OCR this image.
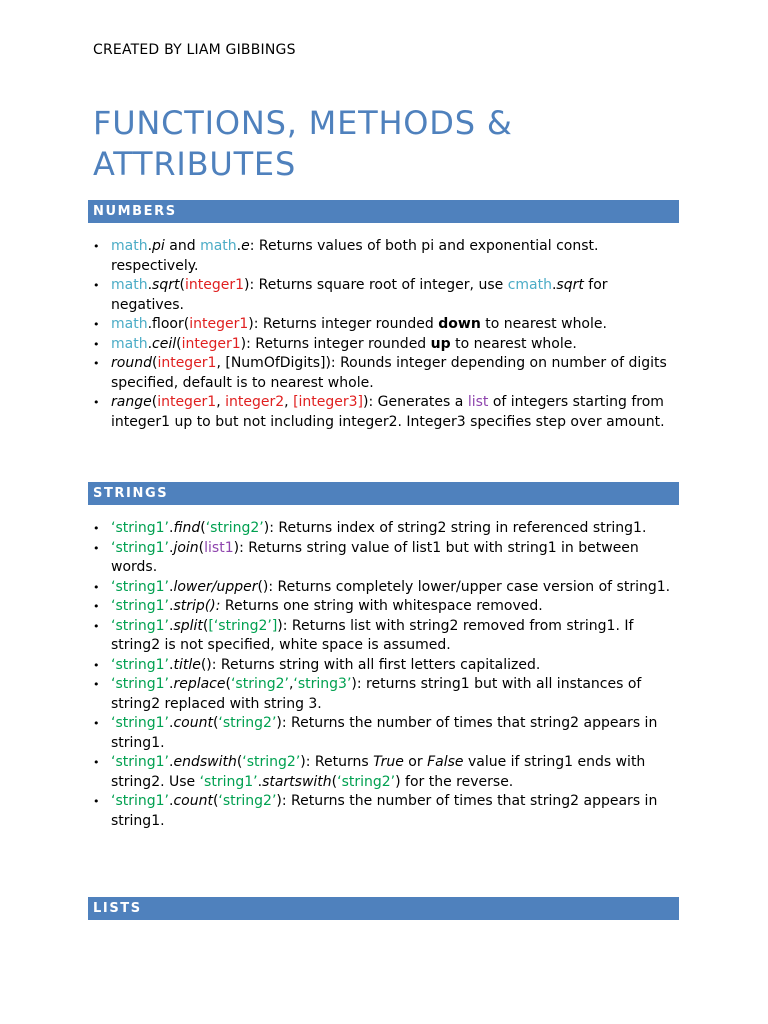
CREATED BY LIAM GIBBINGS
FUNCTIONS, METHODS &
ATTRIBUTES
NUMBERS
• math.pi and math.e: Returns values of both pi and exponential const. respectively.
• math.sqrt(integer1): Returns square root of integer, use cmath.sqrt for negatives.
• math.floor(integer1): Returns integer rounded down to nearest whole.
• math.ceil(integer1): Returns integer rounded up to nearest whole.
• round(integer1, [NumOfDigits]): Rounds integer depending on number of digits specified, default is to nearest whole.
• range(integer1, integer2, [integer3]): Generates a list of integers starting from integer1 up to but not including integer2. Integer3 specifies step over amount.
STRINGS
• ‘string1’.find(‘string2’): Returns index of string2 string in referenced string1.
• ‘string1’.join(list1): Returns string value of list1 but with string1 in between words.
• ‘string1’.lower/upper(): Returns completely lower/upper case version of string1.
• ‘string1’.strip(): Returns one string with whitespace removed.
• ‘string1’.split([‘string2’]): Returns list with string2 removed from string1. If string2 is not specified, white space is assumed.
• ‘string1’.title(): Returns string with all first letters capitalized.
• ‘string1’.replace(‘string2’,‘string3’): returns string1 but with all instances of string2 replaced with string 3.
• ‘string1’.count(‘string2’): Returns the number of times that string2 appears in string1.
• ‘string1’.endswith(‘string2’): Returns True or False value if string1 ends with string2. Use ‘string1’.startswith(‘string2’) for the reverse.
• ‘string1’.count(‘string2’): Returns the number of times that string2 appears in string1.
LISTS
